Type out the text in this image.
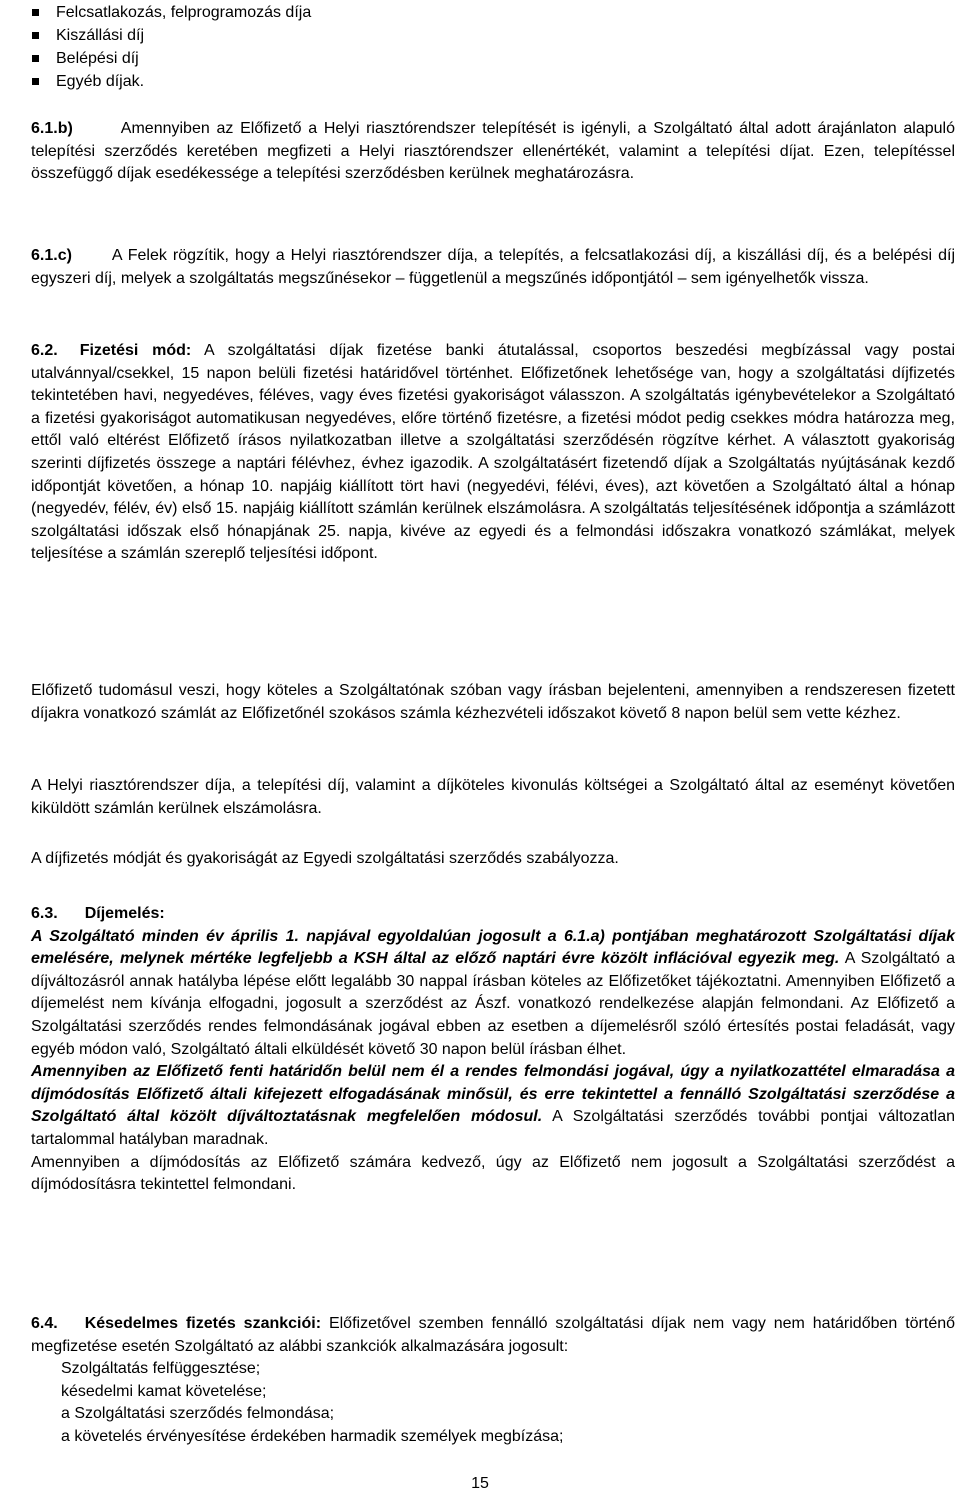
Felcsatlakozás, felprogramozás díja
Kiszállási díj
Belépési díj
Egyéb díjak.

6.1.b)	Amennyiben az Előfizető a Helyi riasztórendszer telepítését is igényli, a Szolgáltató által adott árajánlaton alapuló telepítési szerződés keretében megfizeti a Helyi riasztórendszer ellenértékét, valamint a telepítési díjat. Ezen, telepítéssel összefüggő díjak esedékessége a telepítési szerződésben kerülnek meghatározásra.

6.1.c)	A Felek rögzítik, hogy a Helyi riasztórendszer díja, a telepítés, a felcsatlakozási díj, a kiszállási díj, és a belépési díj egyszeri díj, melyek a szolgáltatás megszűnésekor – függetlenül a megszűnés időpontjától – sem igényelhetők vissza.

6.2. Fizetési mód: A szolgáltatási díjak fizetése banki átutalással, csoportos beszedési megbízással vagy postai utalvánnyal/csekkel, 15 napon belüli fizetési határidővel történhet. Előfizetőnek lehetősége van, hogy a szolgáltatási díjfizetés tekintetében havi, negyedéves, féléves, vagy éves fizetési gyakoriságot válasszon. A szolgáltatás igénybevételekor a Szolgáltató a fizetési gyakoriságot automatikusan negyedéves, előre történő fizetésre, a fizetési módot pedig csekkes módra határozza meg, ettől való eltérést Előfizető írásos nyilatkozatban illetve a szolgáltatási szerződésén rögzítve kérhet. A választott gyakoriság szerinti díjfizetés összege a naptári félévhez, évhez igazodik. A szolgáltatásért fizetendő díjak a Szolgáltatás nyújtásának kezdő időpontját követően, a hónap 10. napjáig kiállított tört havi (negyedévi, félévi, éves), azt követően a Szolgáltató által a hónap (negyedév, félév, év) első 15. napjáig kiállított számlán kerülnek elszámolásra. A szolgáltatás teljesítésének időpontja a számlázott szolgáltatási időszak első hónapjának 25. napja, kivéve az egyedi és a felmondási időszakra vonatkozó számlákat, melyek teljesítése a számlán szereplő teljesítési időpont.

Előfizető tudomásul veszi, hogy köteles a Szolgáltatónak szóban vagy írásban bejelenteni, amennyiben a rendszeresen fizetett díjakra vonatkozó számlát az Előfizetőnél szokásos számla kézhezvételi időszakot követő 8 napon belül sem vette kézhez.

A Helyi riasztórendszer díja, a telepítési díj, valamint a díjköteles kivonulás költségei a Szolgáltató által az eseményt követően kiküldött számlán kerülnek elszámolásra.

A díjfizetés módját és gyakoriságát az Egyedi szolgáltatási szerződés szabályozza.

6.3. Díjemelés:

A Szolgáltató minden év április 1. napjával egyoldalúan jogosult a 6.1.a) pontjában meghatározott Szolgáltatási díjak emelésére, melynek mértéke legfeljebb a KSH által az előző naptári évre közölt inflációval egyezik meg. A Szolgáltató a díjváltozásról annak hatályba lépése előtt legalább 30 nappal írásban köteles az Előfizetőket tájékoztatni. Amennyiben Előfizető a díjemelést nem kívánja elfogadni, jogosult a szerződést az Ászf. vonatkozó rendelkezése alapján felmondani. Az Előfizető a Szolgáltatási szerződés rendes felmondásának jogával ebben az esetben a díjemelésről szóló értesítés postai feladását, vagy egyéb módon való, Szolgáltató általi elküldését követő 30 napon belül írásban élhet.

Amennyiben az Előfizető fenti határidőn belül nem él a rendes felmondási jogával, úgy a nyilatkozattétel elmaradása a díjmódosítás Előfizető általi kifejezett elfogadásának minősül, és erre tekintettel a fennálló Szolgáltatási szerződése a Szolgáltató által közölt díjváltoztatásnak megfelelően módosul. A Szolgáltatási szerződés további pontjai változatlan tartalommal hatályban maradnak.

Amennyiben a díjmódosítás az Előfizető számára kedvező, úgy az Előfizető nem jogosult a Szolgáltatási szerződést a díjmódosításra tekintettel felmondani.

6.4. Késedelmes fizetés szankciói: Előfizetővel szemben fennálló szolgáltatási díjak nem vagy nem határidőben történő megfizetése esetén Szolgáltató az alábbi szankciók alkalmazására jogosult:

Szolgáltatás felfüggesztése;

késedelmi kamat követelése;

a Szolgáltatási szerződés felmondása;

a követelés érvényesítése érdekében harmadik személyek megbízása;

15
